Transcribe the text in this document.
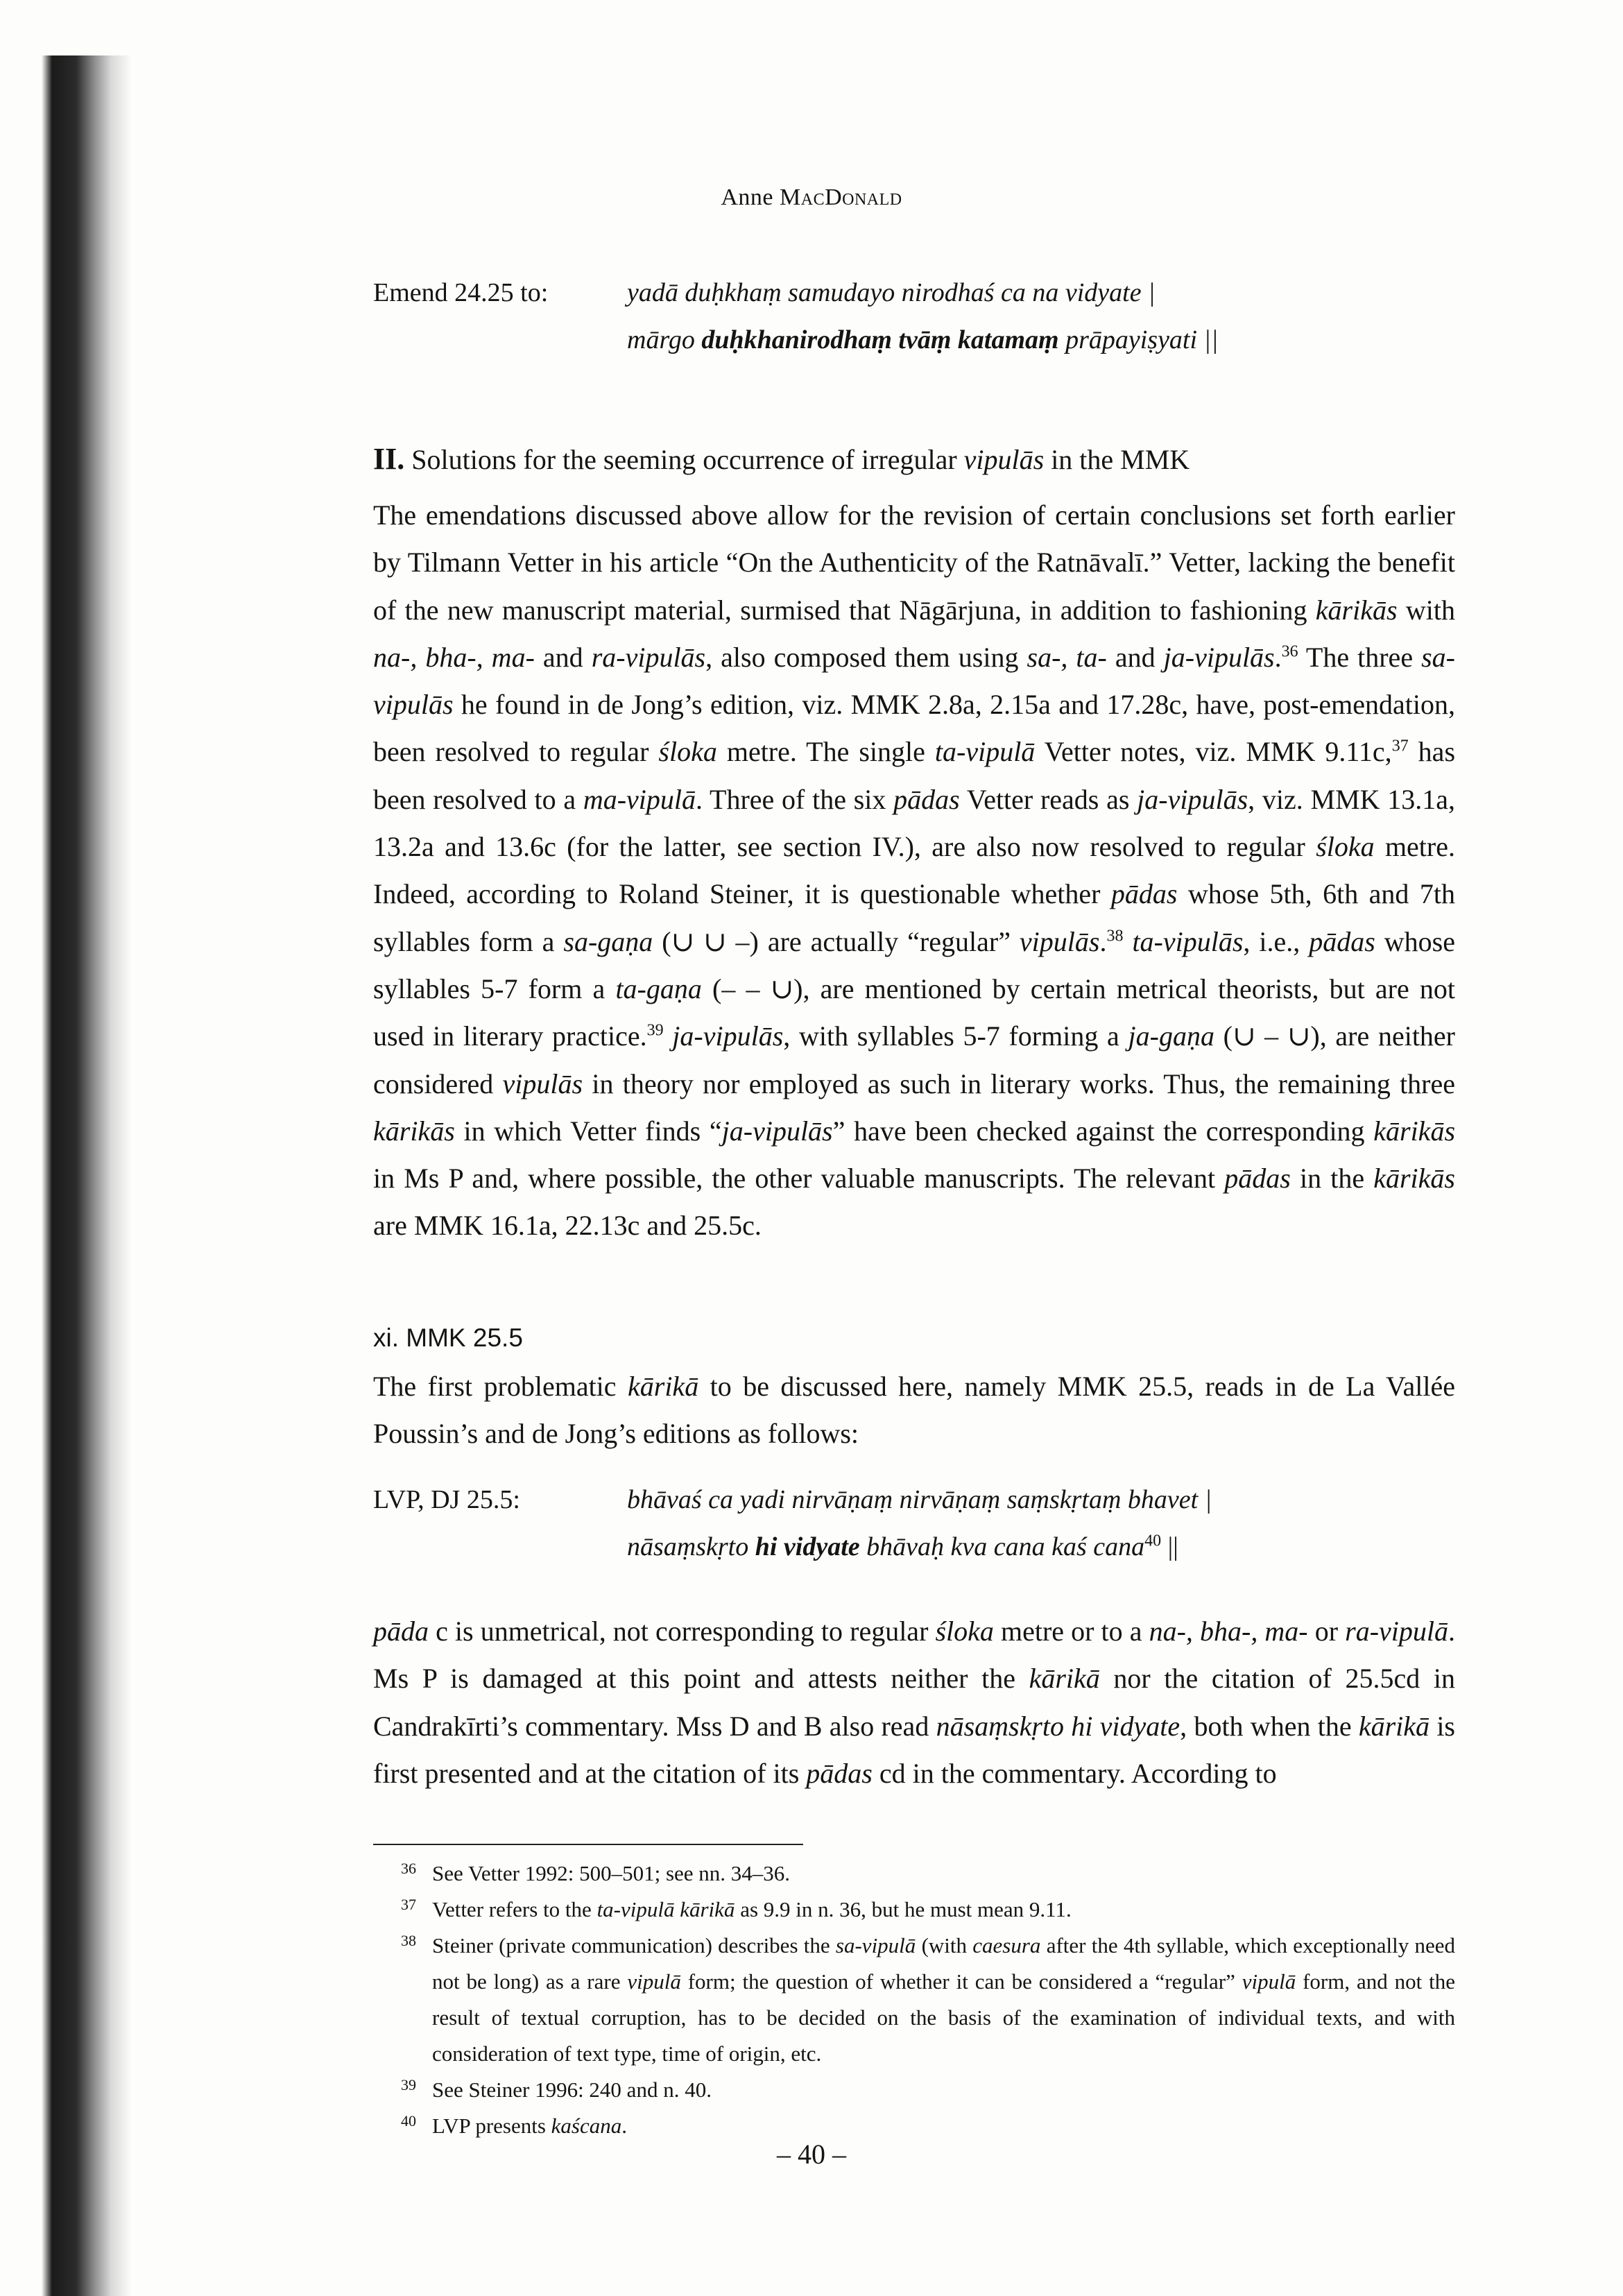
Anne MacDonald
Emend 24.25 to:	yadā duḥkhaṃ samudayo nirodhaś ca na vidyate |
mārgo duḥkhanirodhaṃ tvāṃ katamaṃ prāpayiṣyati ||
II. Solutions for the seeming occurrence of irregular vipulās in the MMK

The emendations discussed above allow for the revision of certain conclusions set forth earlier by Tilmann Vetter in his article “On the Authenticity of the Ratnāvalī.” Vetter, lacking the benefit of the new manuscript material, surmised that Nāgārjuna, in addition to fashioning kārikās with na-, bha-, ma- and ra-vipulās, also composed them using sa-, ta- and ja-vipulās.$^{36}$ The three sa-vipulās he found in de Jong’s edition, viz. MMK 2.8a, 2.15a and 17.28c, have, post-emendation, been resolved to regular śloka metre. The single ta-vipulā Vetter notes, viz. MMK 9.11c,$^{37}$ has been resolved to a ma-vipulā. Three of the six pādas Vetter reads as ja-vipulās, viz. MMK 13.1a, 13.2a and 13.6c (for the latter, see section IV.), are also now resolved to regular śloka metre. Indeed, according to Roland Steiner, it is questionable whether pādas whose 5th, 6th and 7th syllables form a sa-gaṇa (∪ ∪ –) are actually “regular” vipulās.$^{38}$ ta-vipulās, i.e., pādas whose syllables 5-7 form a ta-gaṇa (– – ∪), are mentioned by certain metrical theorists, but are not used in literary practice.$^{39}$ ja-vipulās, with syllables 5-7 forming a ja-gaṇa (∪ – ∪), are neither considered vipulās in theory nor employed as such in literary works. Thus, the remaining three kārikās in which Vetter finds “ja-vipulās” have been checked against the corresponding kārikās in Ms P and, where possible, the other valuable manuscripts. The relevant pādas in the kārikās are MMK 16.1a, 22.13c and 25.5c.

xi. MMK 25.5

The first problematic kārikā to be discussed here, namely MMK 25.5, reads in de La Vallée Poussin’s and de Jong’s editions as follows:

LVP, DJ 25.5:	bhāvaś ca yadi nirvāṇaṃ nirvāṇaṃ saṃskṛtaṃ bhavet |
nāsaṃskṛto hi vidyate bhāvaḥ kva cana kaś cana$^{40}$ ||

pāda c is unmetrical, not corresponding to regular śloka metre or to a na-, bha-, ma- or ra-vipulā. Ms P is damaged at this point and attests neither the kārikā nor the citation of 25.5cd in Candrakīrti’s commentary. Mss D and B also read nāsaṃskṛto hi vidyate, both when the kārikā is first presented and at the citation of its pādas cd in the commentary. According to

36 See Vetter 1992: 500–501; see nn. 34–36.
37 Vetter refers to the ta-vipulā kārikā as 9.9 in n. 36, but he must mean 9.11.
38 Steiner (private communication) describes the sa-vipulā (with caesura after the 4th syllable, which exceptionally need not be long) as a rare vipulā form; the question of whether it can be considered a “regular” vipulā form, and not the result of textual corruption, has to be decided on the basis of the examination of individual texts, and with consideration of text type, time of origin, etc.
39 See Steiner 1996: 240 and n. 40.
40 LVP presents kaścana.
– 40 –
